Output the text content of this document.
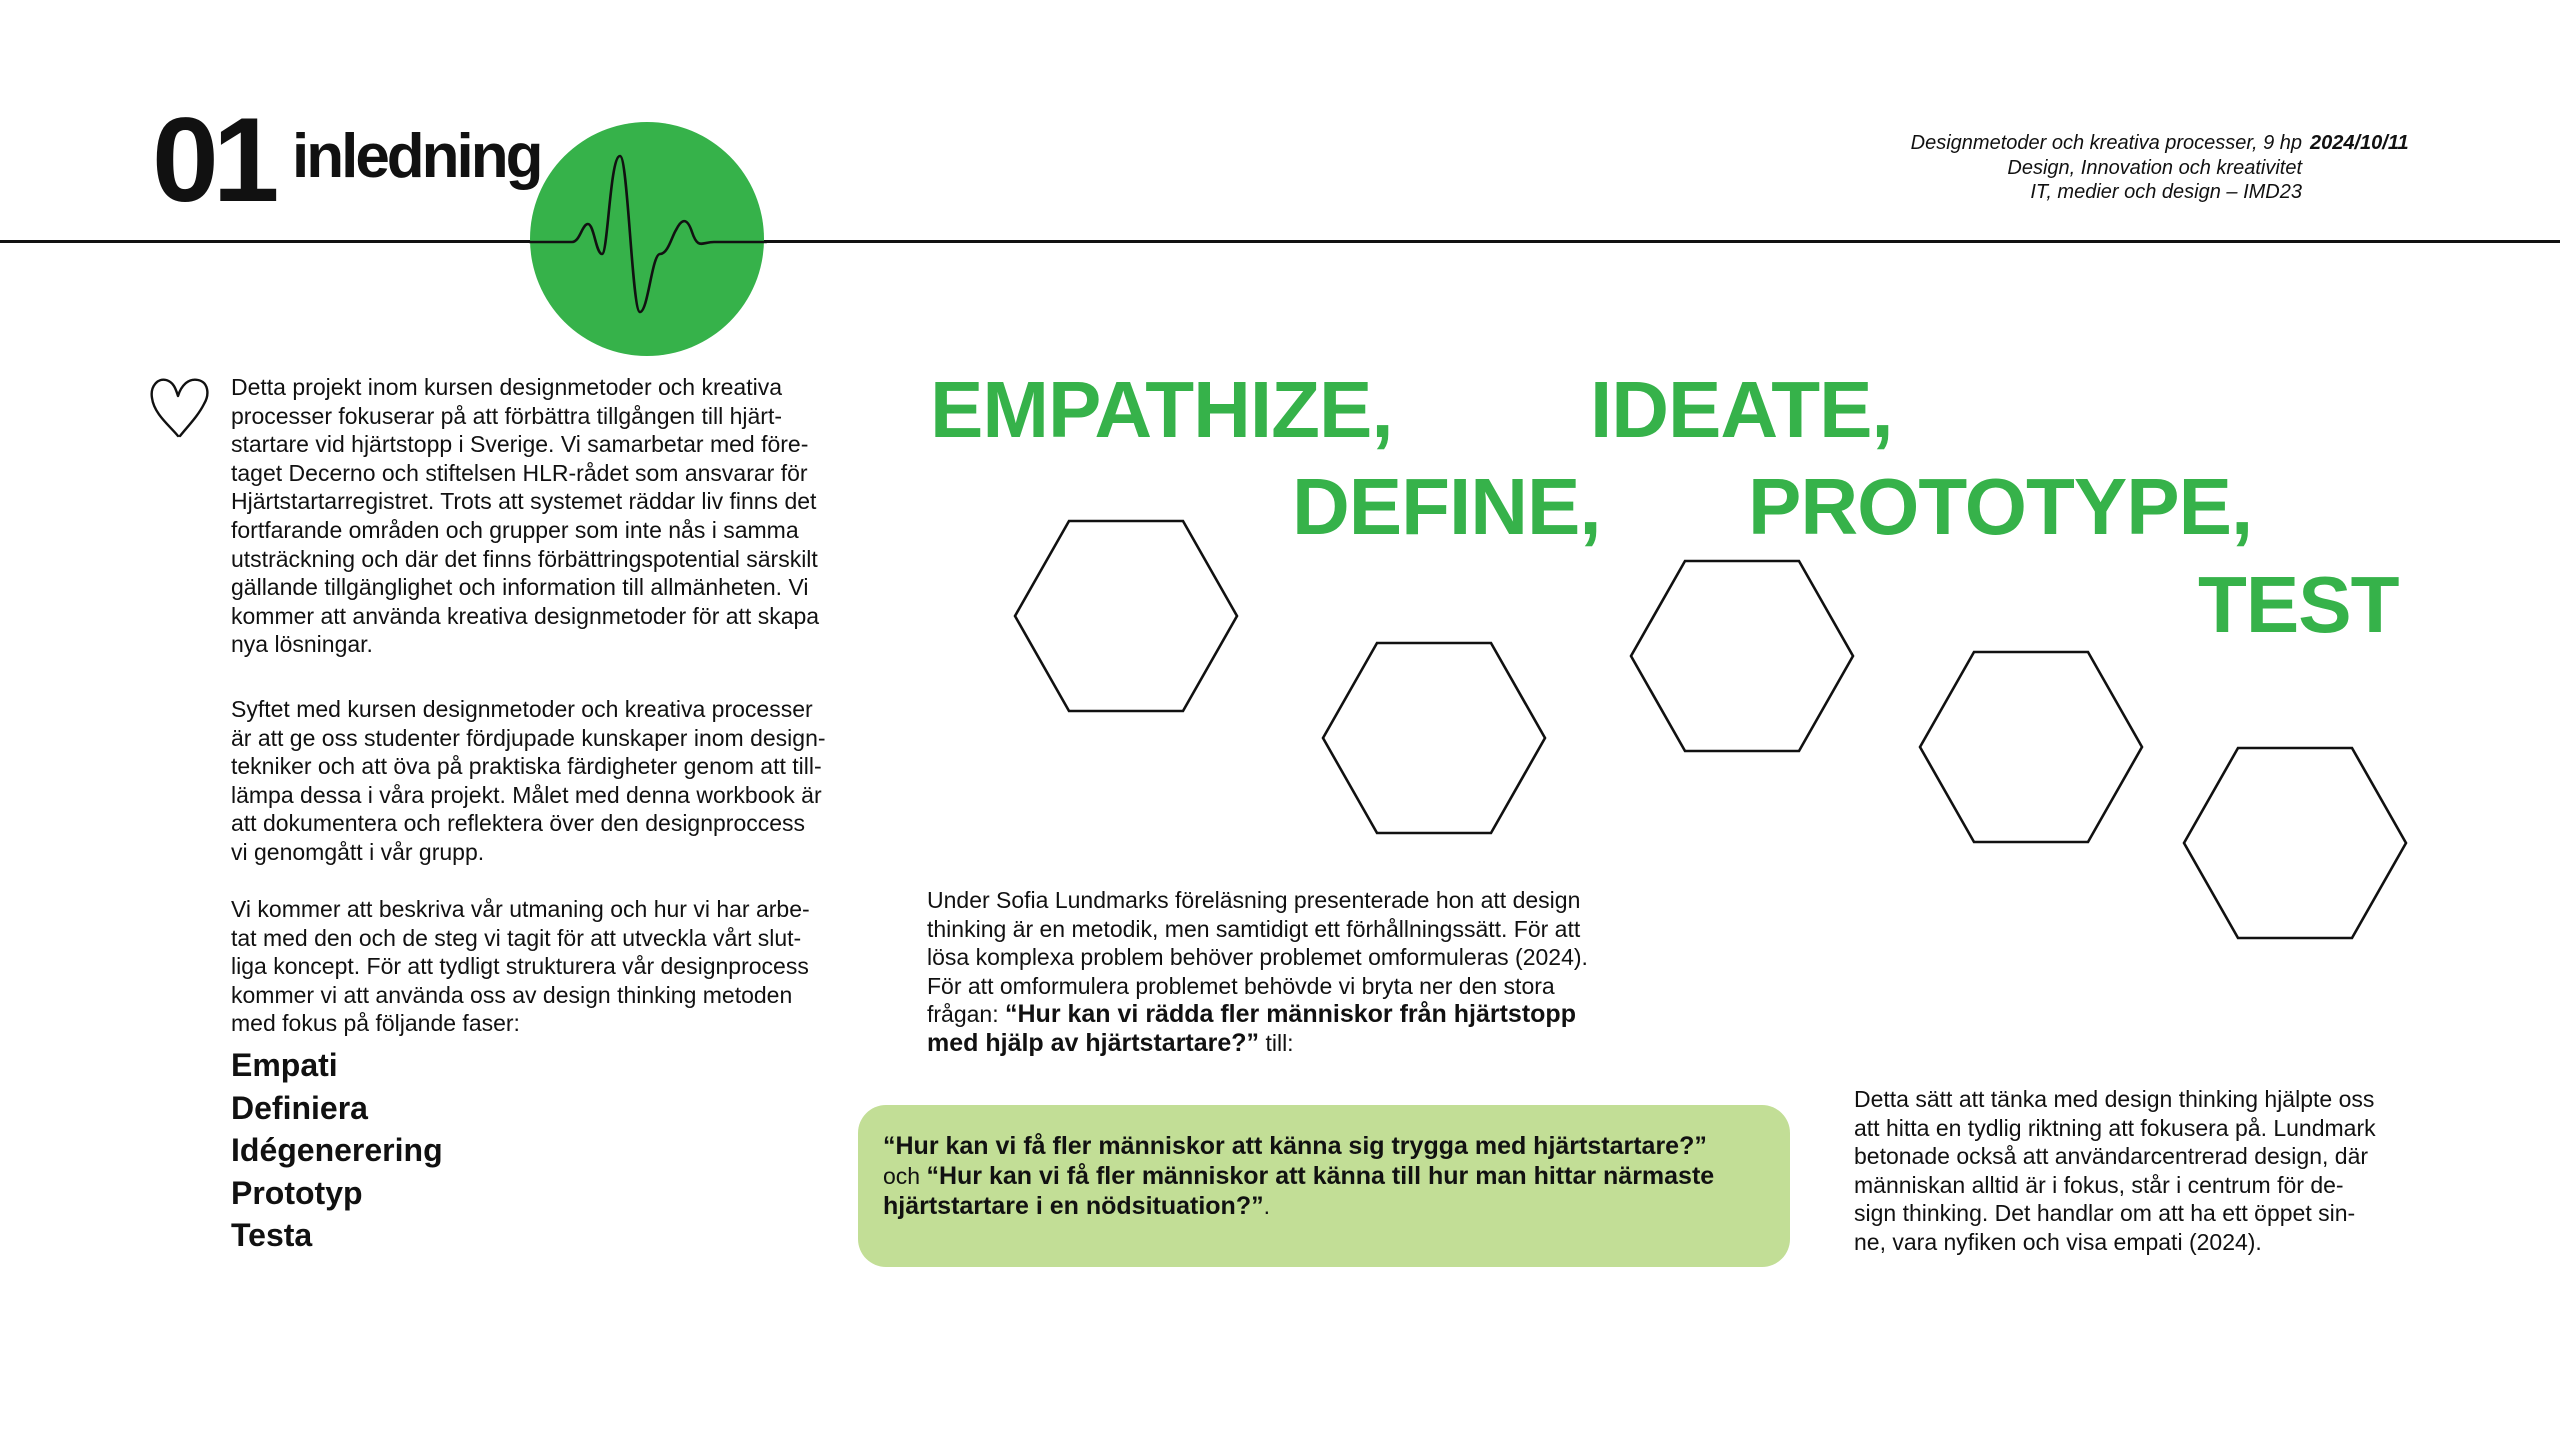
01 inledning	Designmetoder och kreativa processer, 9 hp 2024/10/11
Design, Innovation och kreativitet
IT, medier och design – IMD23
Detta projekt inom kursen designmetoder och kreativa
processer fokuserar på att förbättra tillgången till hjärt-
startare vid hjärtstopp i Sverige. Vi samarbetar med före-
taget Decerno och stiftelsen HLR-rådet som ansvarar för
Hjärtstartarregistret. Trots att systemet räddar liv finns det
fortfarande områden och grupper som inte nås i samma
utsträckning och där det finns förbättringspotential särskilt
gällande tillgänglighet och information till allmänheten. Vi
kommer att använda kreativa designmetoder för att skapa
nya lösningar.
Syftet med kursen designmetoder och kreativa processer
är att ge oss studenter fördjupade kunskaper inom design-
tekniker och att öva på praktiska färdigheter genom att till-
lämpa dessa i våra projekt. Målet med denna workbook är
att dokumentera och reflektera över den designproccess
vi genomgått i vår grupp.
Vi kommer att beskriva vår utmaning och hur vi har arbe-
tat med den och de steg vi tagit för att utveckla vårt slut-
liga koncept. För att tydligt strukturera vår designprocess
kommer vi att använda oss av design thinking metoden
med fokus på följande faser:
Empati
Definiera
Idégenerering
Prototyp
Testa
EMPATHIZE, IDEATE,
DEFINE, PROTOTYPE,
TEST
Under Sofia Lundmarks föreläsning presenterade hon att design
thinking är en metodik, men samtidigt ett förhållningssätt. För att
lösa komplexa problem behöver problemet omformuleras (2024).
För att omformulera problemet behövde vi bryta ner den stora
frågan: “Hur kan vi rädda fler människor från hjärtstopp
med hjälp av hjärtstartare?” till:
“Hur kan vi få fler människor att känna sig trygga med hjärtstartare?”
och “Hur kan vi få fler människor att känna till hur man hittar närmaste
hjärtstartare i en nödsituation?”.
Detta sätt att tänka med design thinking hjälpte oss
att hitta en tydlig riktning att fokusera på. Lundmark
betonade också att användarcentrerad design, där
människan alltid är i fokus, står i centrum för de-
sign thinking. Det handlar om att ha ett öppet sin-
ne, vara nyfiken och visa empati (2024).
